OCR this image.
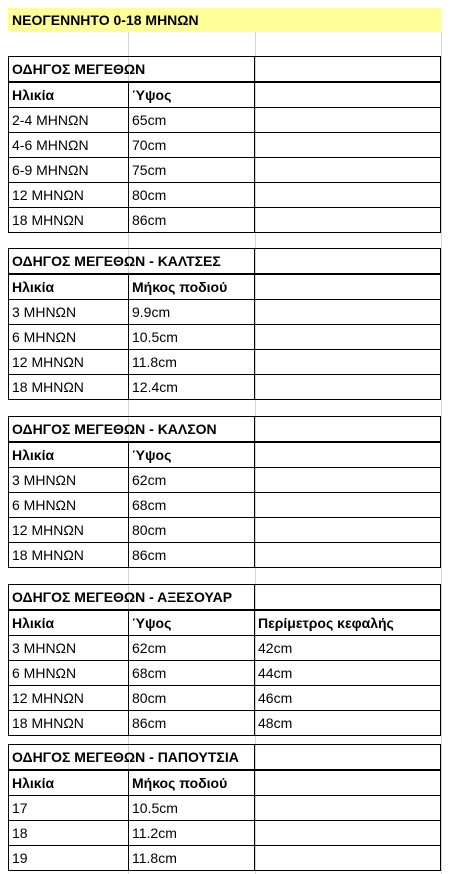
ΝΕΟΓΕΝΝΗΤΟ 0-18 ΜΗΝΩΝ
ΟΔΗΓΟΣ ΜΕΓΕΘΩΝ		
Ηλικία	Ύψος	
2-4 ΜΗΝΩΝ	65cm	
4-6 ΜΗΝΩΝ	70cm	
6-9 ΜΗΝΩΝ	75cm	
12 ΜΗΝΩΝ	80cm	
18 ΜΗΝΩΝ	86cm	
ΟΔΗΓΟΣ ΜΕΓΕΘΩΝ - ΚΑΛΤΣΕΣ		
Ηλικία	Μήκος ποδιού	
3 ΜΗΝΩΝ	9.9cm	
6 ΜΗΝΩΝ	10.5cm	
12 ΜΗΝΩΝ	11.8cm	
18 ΜΗΝΩΝ	12.4cm	
ΟΔΗΓΟΣ ΜΕΓΕΘΩΝ - ΚΑΛΣΟΝ		
Ηλικία	Ύψος	
3 ΜΗΝΩΝ	62cm	
6 ΜΗΝΩΝ	68cm	
12 ΜΗΝΩΝ	80cm	
18 ΜΗΝΩΝ	86cm	
ΟΔΗΓΟΣ ΜΕΓΕΘΩΝ - ΑΞΕΣΟΥΑΡ		
Ηλικία	Ύψος	Περίμετρος κεφαλής
3 ΜΗΝΩΝ	62cm	42cm
6 ΜΗΝΩΝ	68cm	44cm
12 ΜΗΝΩΝ	80cm	46cm
18 ΜΗΝΩΝ	86cm	48cm
ΟΔΗΓΟΣ ΜΕΓΕΘΩΝ - ΠΑΠΟΥΤΣΙΑ		
Ηλικία	Μήκος ποδιού	
17	10.5cm	
18	11.2cm	
19	11.8cm	
